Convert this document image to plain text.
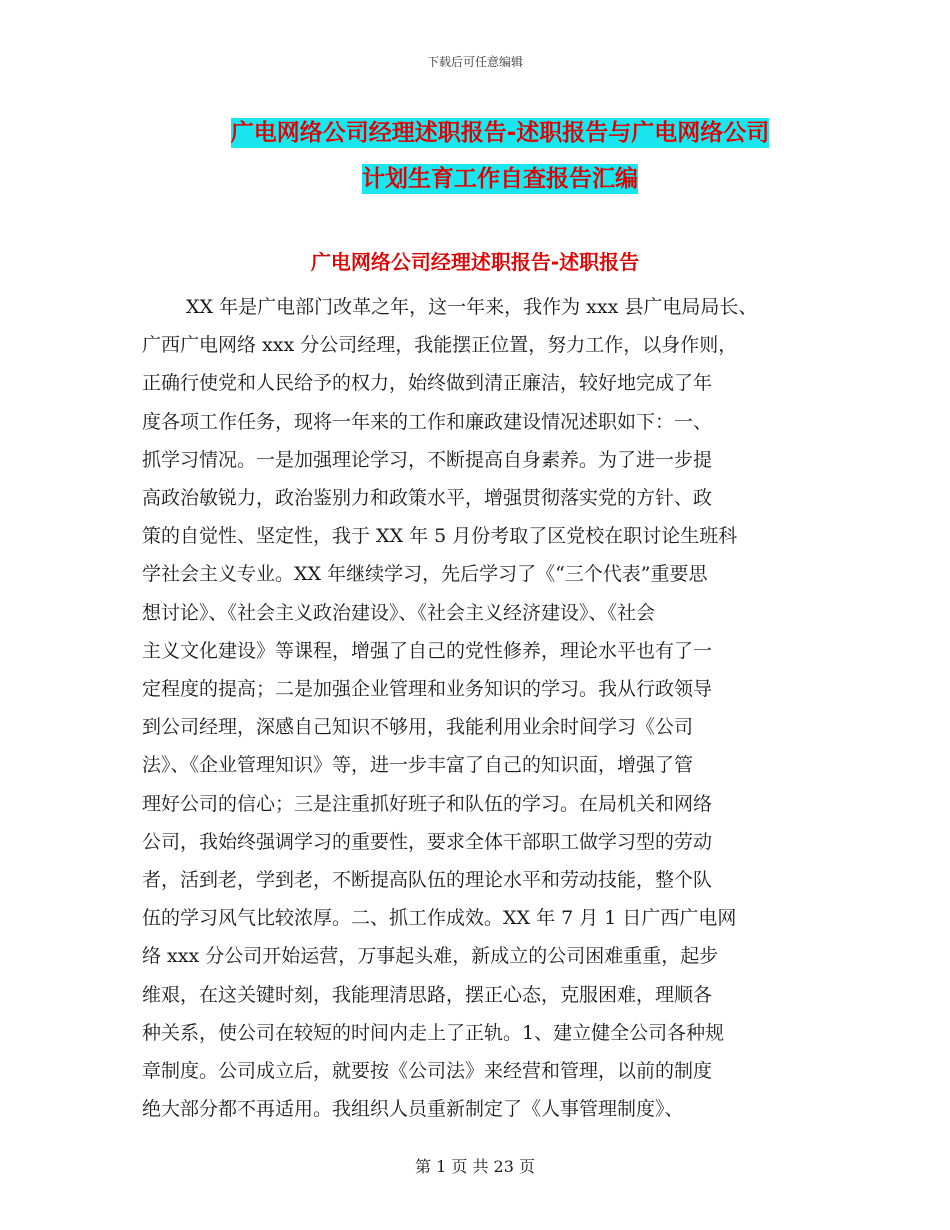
下载后可任意编辑
广电网络公司经理述职报告-述职报告与广电网络公司
计划生育工作自查报告汇编
广电网络公司经理述职报告-述职报告
XX 年是广电部门改革之年，这一年来，我作为 xxx 县广电局局长、
广西广电网络 xxx 分公司经理，我能摆正位置，努力工作，以身作则，
正确行使党和人民给予的权力，始终做到清正廉洁，较好地完成了年
度各项工作任务，现将一年来的工作和廉政建设情况述职如下：一、
抓学习情况。一是加强理论学习，不断提高自身素养。为了进一步提
高政治敏锐力，政治鉴别力和政策水平，增强贯彻落实党的方针、政
策的自觉性、坚定性，我于 XX 年 5 月份考取了区党校在职讨论生班科
学社会主义专业。XX 年继续学习，先后学习了《“三个代表”重要思
想讨论》、《社会主义政治建设》、《社会主义经济建设》、《社会
主义文化建设》等课程，增强了自己的党性修养，理论水平也有了一
定程度的提高；二是加强企业管理和业务知识的学习。我从行政领导
到公司经理，深感自己知识不够用，我能利用业余时间学习《公司
法》、《企业管理知识》等，进一步丰富了自己的知识面，增强了管
理好公司的信心；三是注重抓好班子和队伍的学习。在局机关和网络
公司，我始终强调学习的重要性，要求全体干部职工做学习型的劳动
者，活到老，学到老，不断提高队伍的理论水平和劳动技能，整个队
伍的学习风气比较浓厚。二、抓工作成效。XX 年 7 月 1 日广西广电网
络 xxx 分公司开始运营，万事起头难，新成立的公司困难重重，起步
维艰，在这关键时刻，我能理清思路，摆正心态，克服困难，理顺各
种关系，使公司在较短的时间内走上了正轨。1、建立健全公司各种规
章制度。公司成立后，就要按《公司法》来经营和管理，以前的制度
绝大部分都不再适用。我组织人员重新制定了《人事管理制度》、
第 1 页 共 23 页
